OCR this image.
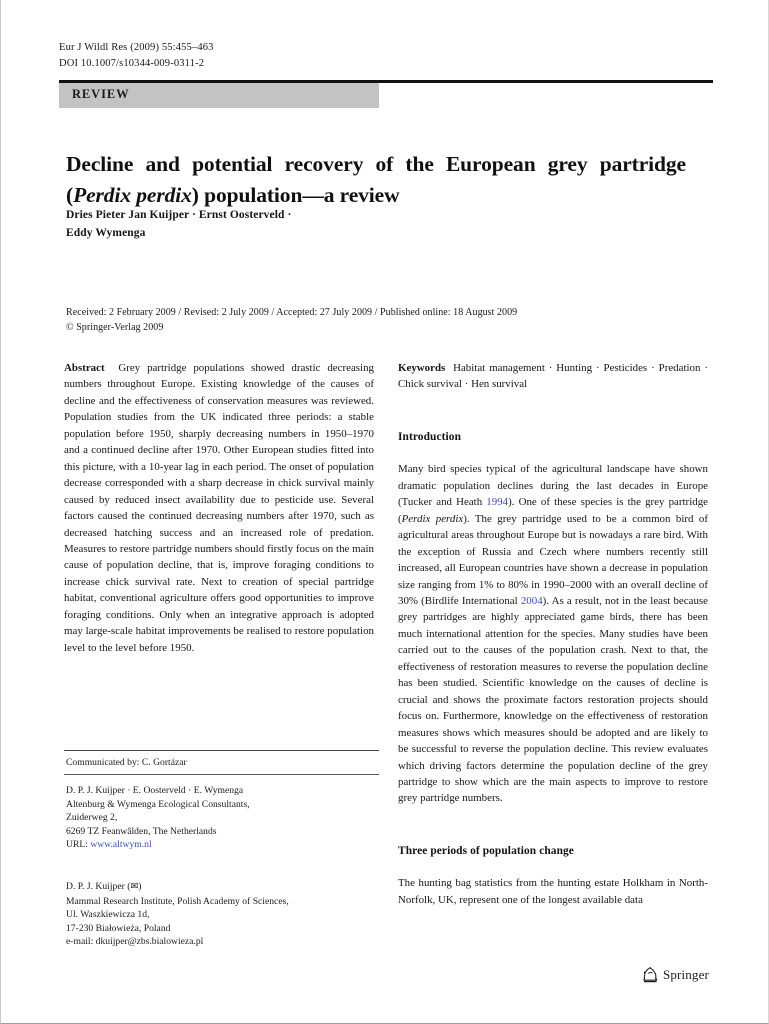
Eur J Wildl Res (2009) 55:455–463
DOI 10.1007/s10344-009-0311-2
REVIEW
Decline and potential recovery of the European grey partridge (Perdix perdix) population—a review
Dries Pieter Jan Kuijper · Ernst Oosterveld ·
Eddy Wymenga
Received: 2 February 2009 / Revised: 2 July 2009 / Accepted: 27 July 2009 / Published online: 18 August 2009
© Springer-Verlag 2009

Abstract Grey partridge populations showed drastic decreasing numbers throughout Europe. Existing knowledge of the causes of decline and the effectiveness of conservation measures was reviewed. Population studies from the UK indicated three periods: a stable population before 1950, sharply decreasing numbers in 1950–1970 and a continued decline after 1970. Other European studies fitted into this picture, with a 10-year lag in each period. The onset of population decrease corresponded with a sharp decrease in chick survival mainly caused by reduced insect availability due to pesticide use. Several factors caused the continued decreasing numbers after 1970, such as decreased hatching success and an increased role of predation. Measures to restore partridge numbers should firstly focus on the main cause of population decline, that is, improve foraging conditions to increase chick survival rate. Next to creation of special partridge habitat, conventional agriculture offers good opportunities to improve foraging conditions. Only when an integrative approach is adopted may large-scale habitat improvements be realised to restore population level to the level before 1950.

Keywords Habitat management · Hunting · Pesticides · Predation · Chick survival · Hen survival

Introduction

Many bird species typical of the agricultural landscape have shown dramatic population declines during the last decades in Europe (Tucker and Heath 1994). One of these species is the grey partridge (Perdix perdix). The grey partridge used to be a common bird of agricultural areas throughout Europe but is nowadays a rare bird. With the exception of Russia and Czech where numbers recently still increased, all European countries have shown a decrease in population size ranging from 1% to 80% in 1990–2000 with an overall decline of 30% (Birdlife International 2004). As a result, not in the least because grey partridges are highly appreciated game birds, there has been much international attention for the species. Many studies have been carried out to the causes of the population crash. Next to that, the effectiveness of restoration measures to reverse the population decline has been studied. Scientific knowledge on the causes of decline is crucial and shows the proximate factors restoration projects should focus on. Furthermore, knowledge on the effectiveness of restoration measures shows which measures should be adopted and are likely to be successful to reverse the population decline. This review evaluates which driving factors determine the population decline of the grey partridge to show which are the main aspects to improve to restore grey partridge numbers.

Three periods of population change

The hunting bag statistics from the hunting estate Holkham in North-Norfolk, UK, represent one of the longest available data

Communicated by: C. Gortázar
D. P. J. Kuijper · E. Oosterveld · E. Wymenga
Altenburg & Wymenga Ecological Consultants,
Zuiderweg 2,
6269 TZ Feanwâlden, The Netherlands
URL: www.altwym.nl
D. P. J. Kuijper (✉)
Mammal Research Institute, Polish Academy of Sciences,
Ul. Waszkiewicza 1d,
17-230 Białowieża, Poland
e-mail: dkuijper@zbs.bialowieza.pl
Springer
